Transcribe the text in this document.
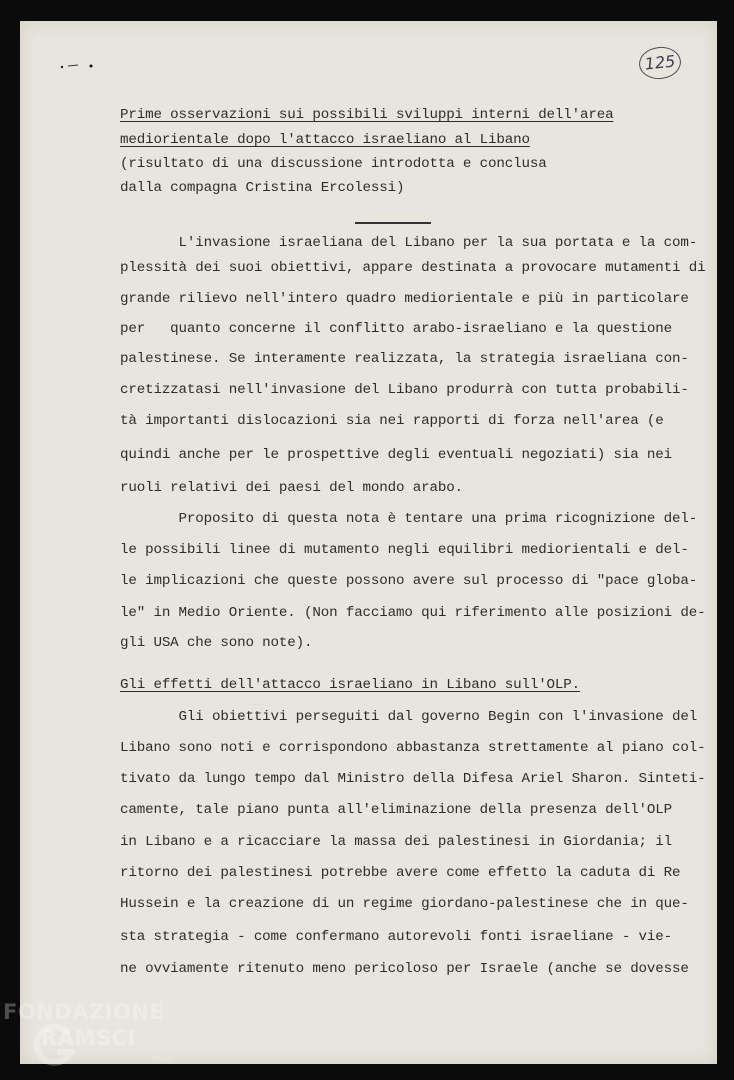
125
Prime osservazioni sui possibili sviluppi interni dell'area
mediorientale dopo l'attacco israeliano al Libano
(risultato di una discussione introdotta e conclusa
dalla compagna Cristina Ercolessi)
L'invasione israeliana del Libano per la sua portata e la com-
plessità dei suoi obiettivi, appare destinata a provocare mutamenti di
grande rilievo nell'intero quadro mediorientale e più in particolare
per   quanto concerne il conflitto arabo-israeliano e la questione
palestinese. Se interamente realizzata, la strategia israeliana con-
cretizzatasi nell'invasione del Libano produrrà con tutta probabili-
tà importanti dislocazioni sia nei rapporti di forza nell'area (e
quindi anche per le prospettive degli eventuali negoziati) sia nei
ruoli relativi dei paesi del mondo arabo.
Proposito di questa nota è tentare una prima ricognizione del-
le possibili linee di mutamento negli equilibri mediorientali e del-
le implicazioni che queste possono avere sul processo di "pace globa-
le" in Medio Oriente. (Non facciamo qui riferimento alle posizioni de-
gli USA che sono note).
Gli effetti dell'attacco israeliano in Libano sull'OLP.
Gli obiettivi perseguiti dal governo Begin con l'invasione del
Libano sono noti e corrispondono abbastanza strettamente al piano col-
tivato da lungo tempo dal Ministro della Difesa Ariel Sharon. Sinteti-
camente, tale piano punta all'eliminazione della presenza dell'OLP
in Libano e a ricacciare la massa dei palestinesi in Giordania; il
ritorno dei palestinesi potrebbe avere come effetto la caduta di Re
Hussein e la creazione di un regime giordano-palestinese che in que-
sta strategia - come confermano autorevoli fonti israeliane - vie-
ne ovviamente ritenuto meno pericoloso per Israele (anche se dovesse
FONDAZIONE
RAMSCI
onlus
